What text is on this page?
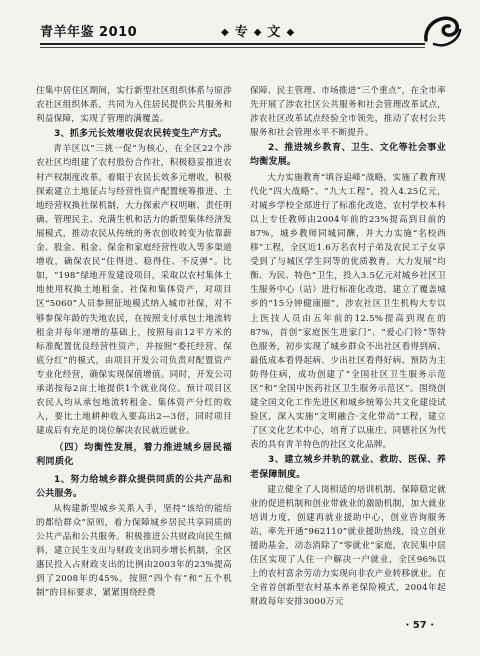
青羊年鉴 2010	◆ 专 ◆ 文 ◆

住集中居住区期间，实行新型社区组织体系与原涉农社区组织体系，共同为入住居民提供公共服务和利益保障，实现了管理的满覆盖。

3、抓多元长效增收促农民转变生产方式。

青羊区以“三挑一促”为核心，在全区22个涉农社区均组建了农村股份合作社，积极稳妥推进农村产权制度改革。着眼于农民长效多元增收，积极探索建立土地征占与经营性资产配置统筹推进、土地经营权换社保机制，大力探索产权明晰、责任明确、管理民主、充满生机和活力的新型集体经济发展模式，推动农民从传统的务农创收转变为依靠薪金、股金、租金、保金和家庭经营性收入等多渠道增收，确保农民“住得进、稳得住、不反弹”。比如，“198”绿地开发建设项目，采取以农村集体土地使用权换土地租金、社保和集体资产，对项目区“5060”人员参照征地模式纳入城市社保，对不够参保年龄的失地农民，在按照支付承包土地流转租金并每年递增的基础上，按照每亩12平方米的标准配置优良经营性资产，并按照“委托经营、保底分红”的模式，由项目开发公司负责对配置资产专业化经营，确保实现保值增值。同时，开发公司承诺按每2亩土地提供1个就业岗位。预计项目区农民人均从承包地流转租金、集体资产分红的收入，要比土地耕种收入要高出2—3倍，同时项目建成后有充足的岗位解决农民就近就业。

（四）均衡性发展，着力推进城乡居民福利同质化
1、努力给城乡群众提供同质的公共产品和公共服务。

从构建新型城乡关系入手，坚持“该给的能给的都给群众”原则，着力保障城乡居民共享同质的公共产品和公共服务。积极推进公共财政向民生倾斜，建立民生支出与财政支出同步增长机制，全区惠民投入占财政支出的比例由2003年的23%提高到了2008年的45%。按照“四个有”和“五个机制”的目标要求，紧紧围绕经费

保障、民主管理、市场推进“三个重点”，在全市率先开展了涉农社区公共服务和社会管理改革试点，涉农社区改革试点经验全市领先，推动了农村公共服务和社会管理水平不断提升。

2、推进城乡教育、卫生、文化等社会事业均衡发展。

大力实施教育“填谷追峰”战略，实施了教育现代化“四大战略”、“九大工程”，投入4.25亿元，对城乡学校全部进行了标准化改造，农村学校本科以上专任教师由2004年前的23%提高到目前的87%，城乡教师同城同酬，并大力实施“名校西移”工程，全区近1.6万名农村子弟及农民工子女享受到了与城区学生同等的优质教育。大力发展“均衡、为民、特色”卫生，投入3.5亿元对城乡社区卫生服务中心（站）进行标准化改造，建立了覆盖城乡的“15分钟健康圈”，涉农社区卫生机构大专以上医技人员由五年前的12.5%提高到现在的87%，首创“家庭医生进家门”、“爱心门铃”等特色服务，初步实现了城乡群众不出社区看得到病、最低成本看得起病、少出社区看得好病、预防为主防得住病，成功创建了“全国社区卫生服务示范区”和“全国中医药社区卫生服务示范区”。围绕创建全国文化工作先进区和城乡统筹公共文化建设试验区，深入实施“文明融合·文化带动”工程，建立了区文化艺术中心，培育了以康庄、同德社区为代表的具有青羊特色的社区文化品牌。

3、建立城乡并轨的就业、救助、医保、养老保障制度。

建立健全了人岗相适的培训机制、保障稳定就业的促进机制和创业带就业的激励机制，加大就业培训力度，创建再就业援助中心，创业咨询服务站，率先开通“962110”就业援助热线，设立创业援助基金，动态消除了“零就业”家庭，农民集中居住区实现了人住一户解决一户就业，全区96%以上的农村富余劳动力实现向非农产业转移就业。在全省首创新型农村基本养老保险模式，2004年起财政每年安排3000万元

· 57 ·
